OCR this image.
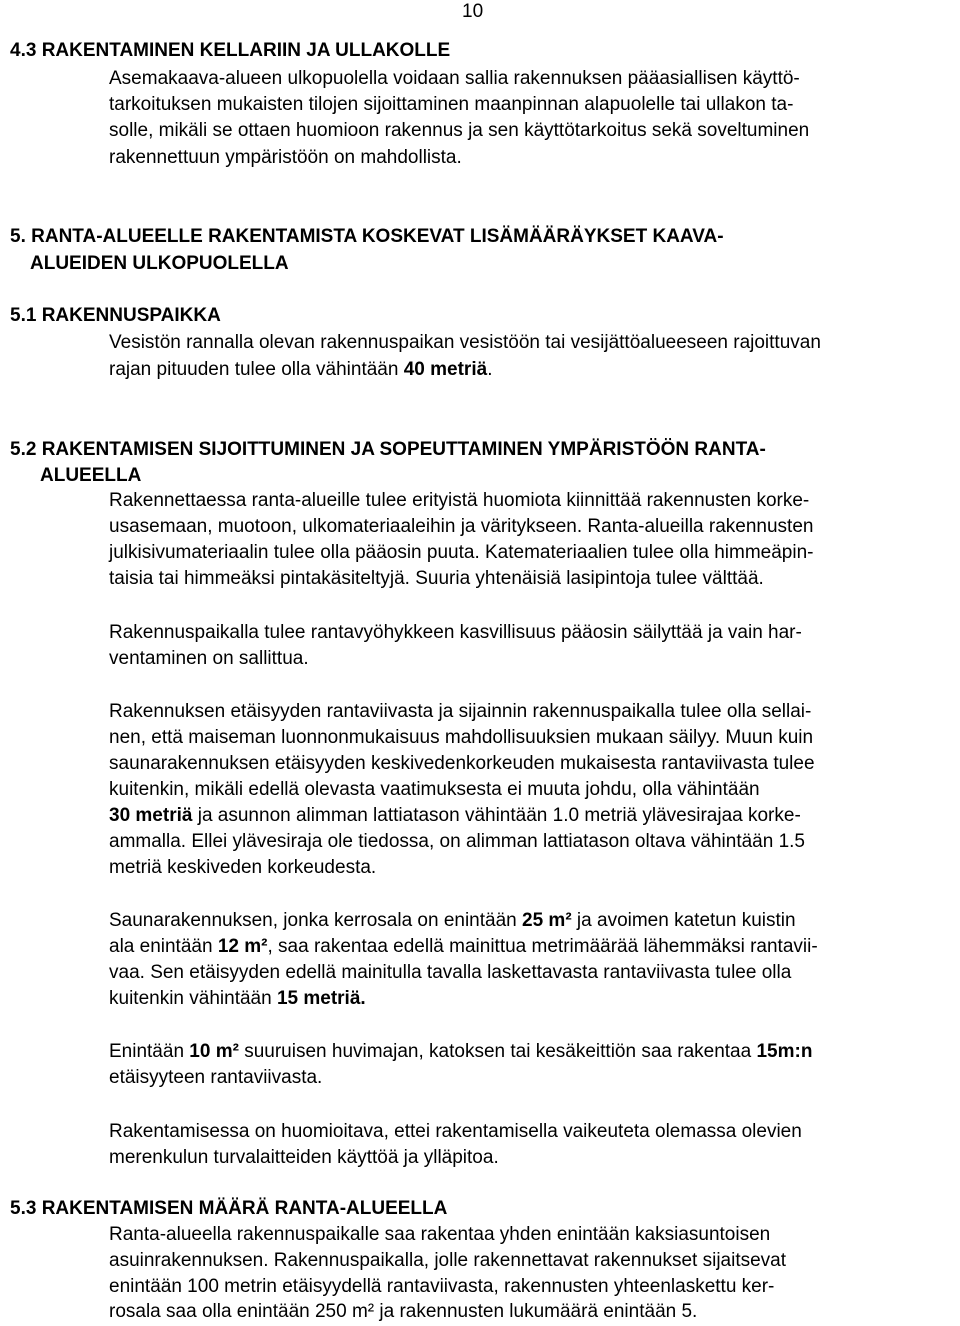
10
4.3 RAKENTAMINEN KELLARIIN JA ULLAKOLLE
Asemakaava-alueen ulkopuolella voidaan sallia rakennuksen pääasiallisen käyttö-
tarkoituksen mukaisten tilojen sijoittaminen maanpinnan alapuolelle tai ullakon ta-
solle, mikäli se ottaen huomioon rakennus ja sen käyttötarkoitus sekä soveltuminen
rakennettuun ympäristöön on mahdollista.
5. RANTA-ALUEELLE RAKENTAMISTA KOSKEVAT LISÄMÄÄRÄYKSET KAAVA-
ALUEIDEN ULKOPUOLELLA
5.1 RAKENNUSPAIKKA
Vesistön rannalla olevan rakennuspaikan vesistöön tai vesijättöalueeseen rajoittuvan
rajan pituuden tulee olla vähintään 40 metriä.
5.2 RAKENTAMISEN SIJOITTUMINEN JA SOPEUTTAMINEN YMPÄRISTÖÖN RANTA-
ALUEELLA
Rakennettaessa ranta-alueille tulee erityistä huomiota kiinnittää rakennusten korke-
usasemaan, muotoon, ulkomateriaaleihin ja väritykseen. Ranta-alueilla rakennusten
julkisivumateriaalin tulee olla pääosin puuta. Katemateriaalien tulee olla himmeäpin-
taisia tai himmeäksi pintakäsiteltyjä. Suuria yhtenäisiä lasipintoja tulee välttää.
Rakennuspaikalla tulee rantavyöhykkeen kasvillisuus pääosin säilyttää ja vain har-
ventaminen on sallittua.
Rakennuksen etäisyyden rantaviivasta ja sijainnin rakennuspaikalla tulee olla sellai-
nen, että maiseman luonnonmukaisuus mahdollisuuksien mukaan säilyy. Muun kuin
saunarakennuksen etäisyyden keskivedenkorkeuden mukaisesta rantaviivasta tulee
kuitenkin, mikäli edellä olevasta vaatimuksesta ei muuta johdu, olla vähintään
30 metriä ja asunnon alimman lattiatason vähintään 1.0 metriä ylävesirajaa korke-
ammalla. Ellei ylävesiraja ole tiedossa, on alimman lattiatason oltava vähintään 1.5
metriä keskiveden korkeudesta.
Saunarakennuksen, jonka kerrosala on enintään 25 m² ja avoimen katetun kuistin
ala enintään 12 m², saa rakentaa edellä mainittua metrimäärää lähemmäksi rantavii-
vaa. Sen etäisyyden edellä mainitulla tavalla laskettavasta rantaviivasta tulee olla
kuitenkin vähintään 15 metriä.
Enintään 10 m² suuruisen huvimajan, katoksen tai kesäkeittiön saa rakentaa 15m:n
etäisyyteen rantaviivasta.
Rakentamisessa on huomioitava, ettei rakentamisella vaikeuteta olemassa olevien
merenkulun turvalaitteiden käyttöä ja ylläpitoa.
5.3 RAKENTAMISEN MÄÄRÄ RANTA-ALUEELLA
Ranta-alueella rakennuspaikalle saa rakentaa yhden enintään kaksiasuntoisen
asuinrakennuksen. Rakennuspaikalla, jolle rakennettavat rakennukset sijaitsevat
enintään 100 metrin etäisyydellä rantaviivasta, rakennusten yhteenlaskettu ker-
rosala saa olla enintään 250 m² ja rakennusten lukumäärä enintään 5.
